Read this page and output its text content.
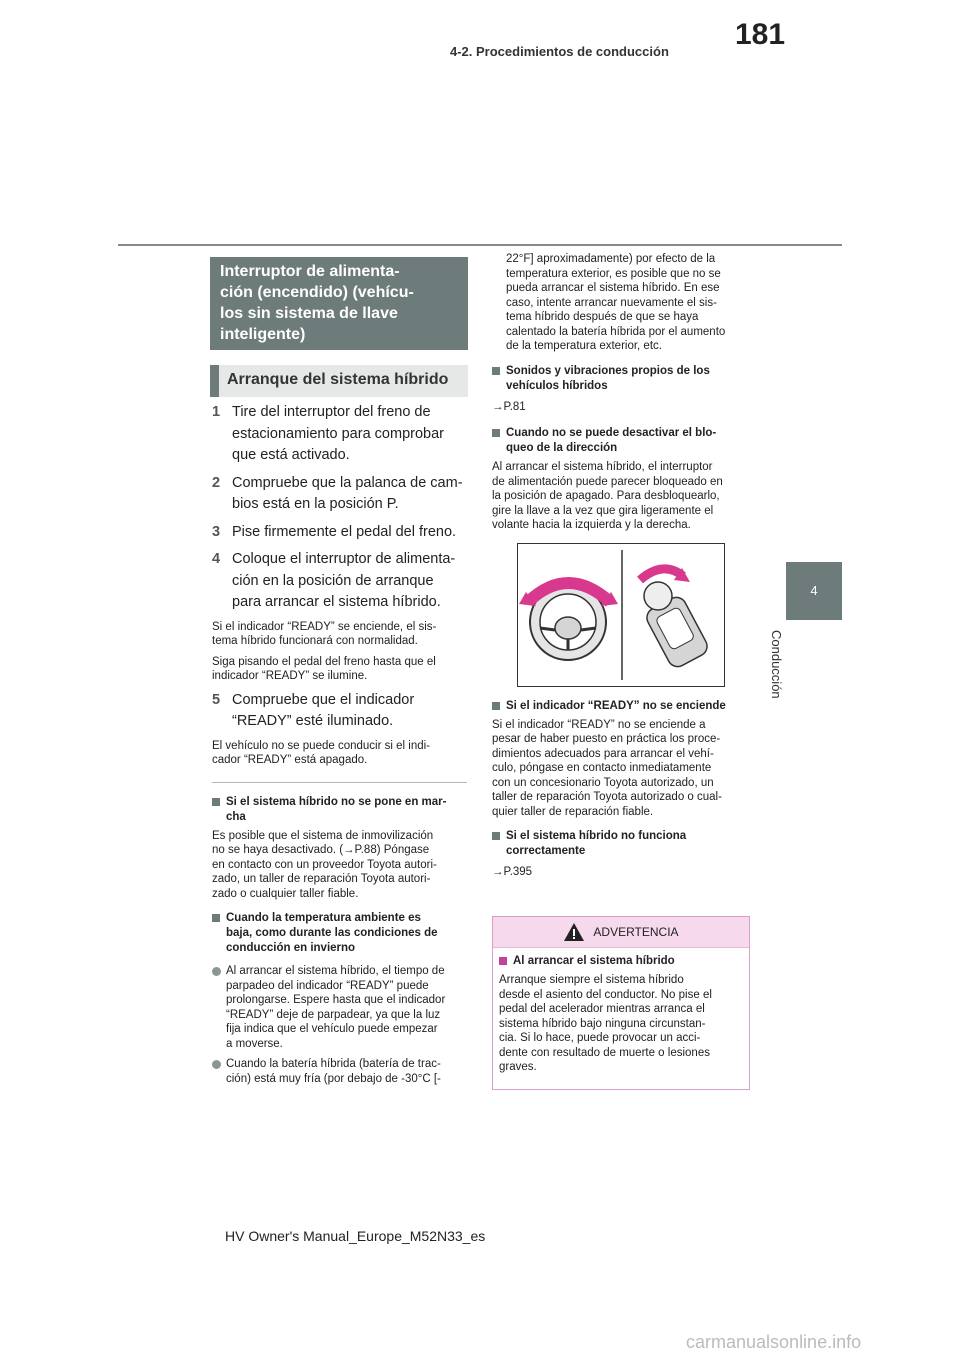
181
4-2. Procedimientos de conducción
4
Conducción
Interruptor de alimenta-
ción (encendido) (vehícu-
los sin sistema de llave
inteligente)
Arranque del sistema híbrido
1 Tire del interruptor del freno de
estacionamiento para comprobar
que está activado.
2 Compruebe que la palanca de cam-
bios está en la posición P.
3 Pise firmemente el pedal del freno.
4 Coloque el interruptor de alimenta-
ción en la posición de arranque
para arrancar el sistema híbrido.
Si el indicador “READY” se enciende, el sis-
tema híbrido funcionará con normalidad.
Siga pisando el pedal del freno hasta que el
indicador “READY” se ilumine.
5 Compruebe que el indicador
“READY” esté iluminado.
El vehículo no se puede conducir si el indi-
cador “READY” está apagado.
Si el sistema híbrido no se pone en mar-
cha
Es posible que el sistema de inmovilización
no se haya desactivado. (→P.88) Póngase
en contacto con un proveedor Toyota autori-
zado, un taller de reparación Toyota autori-
zado o cualquier taller fiable.
Cuando la temperatura ambiente es
baja, como durante las condiciones de
conducción en invierno
Al arrancar el sistema híbrido, el tiempo de
parpadeo del indicador “READY” puede
prolongarse. Espere hasta que el indicador
“READY” deje de parpadear, ya que la luz
fija indica que el vehículo puede empezar
a moverse.
Cuando la batería híbrida (batería de trac-
ción) está muy fría (por debajo de -30°C [-
22°F] aproximadamente) por efecto de la
temperatura exterior, es posible que no se
pueda arrancar el sistema híbrido. En ese
caso, intente arrancar nuevamente el sis-
tema híbrido después de que se haya
calentado la batería híbrida por el aumento
de la temperatura exterior, etc.
Sonidos y vibraciones propios de los
vehículos híbridos
→P.81
Cuando no se puede desactivar el blo-
queo de la dirección
Al arrancar el sistema híbrido, el interruptor
de alimentación puede parecer bloqueado en
la posición de apagado. Para desbloquearlo,
gire la llave a la vez que gira ligeramente el
volante hacia la izquierda y la derecha.
Si el indicador “READY” no se enciende
Si el indicador “READY” no se enciende a
pesar de haber puesto en práctica los proce-
dimientos adecuados para arrancar el vehí-
culo, póngase en contacto inmediatamente
con un concesionario Toyota autorizado, un
taller de reparación Toyota autorizado o cual-
quier taller de reparación fiable.
Si el sistema híbrido no funciona
correctamente
→P.395
ADVERTENCIA
Al arrancar el sistema híbrido
Arranque siempre el sistema híbrido
desde el asiento del conductor. No pise el
pedal del acelerador mientras arranca el
sistema híbrido bajo ninguna circunstan-
cia. Si lo hace, puede provocar un acci-
dente con resultado de muerte o lesiones
graves.
HV Owner's Manual_Europe_M52N33_es
carmanualsonline.info
